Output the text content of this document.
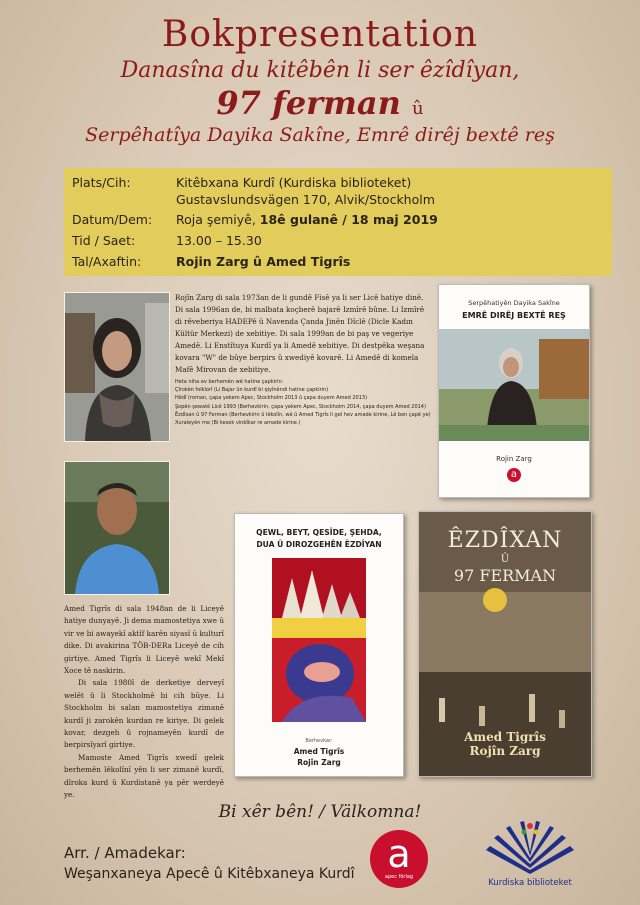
Bokpresentation
Danasîna du kitêbên li ser êzîdîyan,
97 ferman û
Serpêhatîya Dayika Sakîne, Emrê dirêj bextê reş
Plats/Cih:	Kitêbxana Kurdî (Kurdiska biblioteket)
Gustavslundsvägen 170, Alvik/Stockholm
Datum/Dem:	Roja şemiyê, 18ê gulanê / 18 maj 2019
Tid / Saet:	13.00 – 15.30
Tal/Axaftin:	Rojin Zarg û Amed Tigrîs
Rojîn Zarg di sala 1973an de li gundê Fisê ya li ser Licê hatiye dinê. Di sala 1996an de, bi malbata koçberê bajarê Izmîrê bûne. Li Izmîrê di rêveberiya HADEPê û Navenda Çanda Jinên Dîclê (Dicle Kadın Kültür Merkezi) de xebitiye. Di sala 1999an de bi paş ve vegeriye Amedê. Li Enstîtuya Kurdî ya li Amedê xebitiye. Di destpêka weşana kovara "W" de bûye berpirs û xwediyê kovarê. Li Amedê di komela Mafê Mirovan de xebitiye.
Heta niha ev berhemên wê hatine çapkirin:
Çîrokên folklorî (Li Bajar ûn kurdî bi qiyînêndi hatine çapkirin)
Hêdî (roman, çapa yekem Apec, Stockholm 2013 û çapa duyem Amed 2013)
Şopên şewatê Licê 1993 (Berhevkirin, çapa yekem Apec, Stockholm 2014, çapa duyem Amed 2014)
Êzdîxan û 97 Ferman (Berhevkirin û lêkolîn, wê û Amed Tigrîs li gel hev amade kirine, Lê ben çapê ye)
Xuraleyên me (Bi kesek vinbîkar re amade kirine.)
Amed Tigrîs di sala 1948an de li Liceyê hatiye dunyayê. Ji dema mamostetiya xwe û vir ve bi awayekî aktîf karên siyasî û kulturî dike. Di avakirina TÖB-DERa Liceyê de cih girtiye. Amed Tigrîs li Liceyê wekî Mekî Xoce tê naskirin.
Di sala 1980î de derketiye derveyî welêt û li Stockholmê bi cih bûye. Li Stockholm bi salan mamostetiya zimanê kurdî ji zarokên kurdan re kiriye. Di gelek kovar, dezgeh û rojnameyên kurdî de berpirsîyarî girtiye.
Mamoste Amed Tigrîs xwedî gelek berhemên lêkolînî yên li ser zimanê kurdî, dîroka kurd û Kurdistanê ya pêr werdeyê ye.
Serpêhatiyên Dayika Sakîne
EMRÊ DIRÊJ BEXTÊ REŞ
Rojin Zarg
a
QEWL, BEYT, QESÎDE, ŞEHDA,
DUA Û DIROZGEHÊN ÊZDÎYAN
Berhevkar:
Amed Tigrîs
Rojîn Zarg
ÊZDÎXAN
Û
97 FERMAN
Amed Tigrîs
Rojîn Zarg
Bi xêr bên! / Välkomna!
Arr. / Amadekar:
Weşanxaneya Apecê û Kitêbxaneya Kurdî a
apec förlag
Kurdiska biblioteket
